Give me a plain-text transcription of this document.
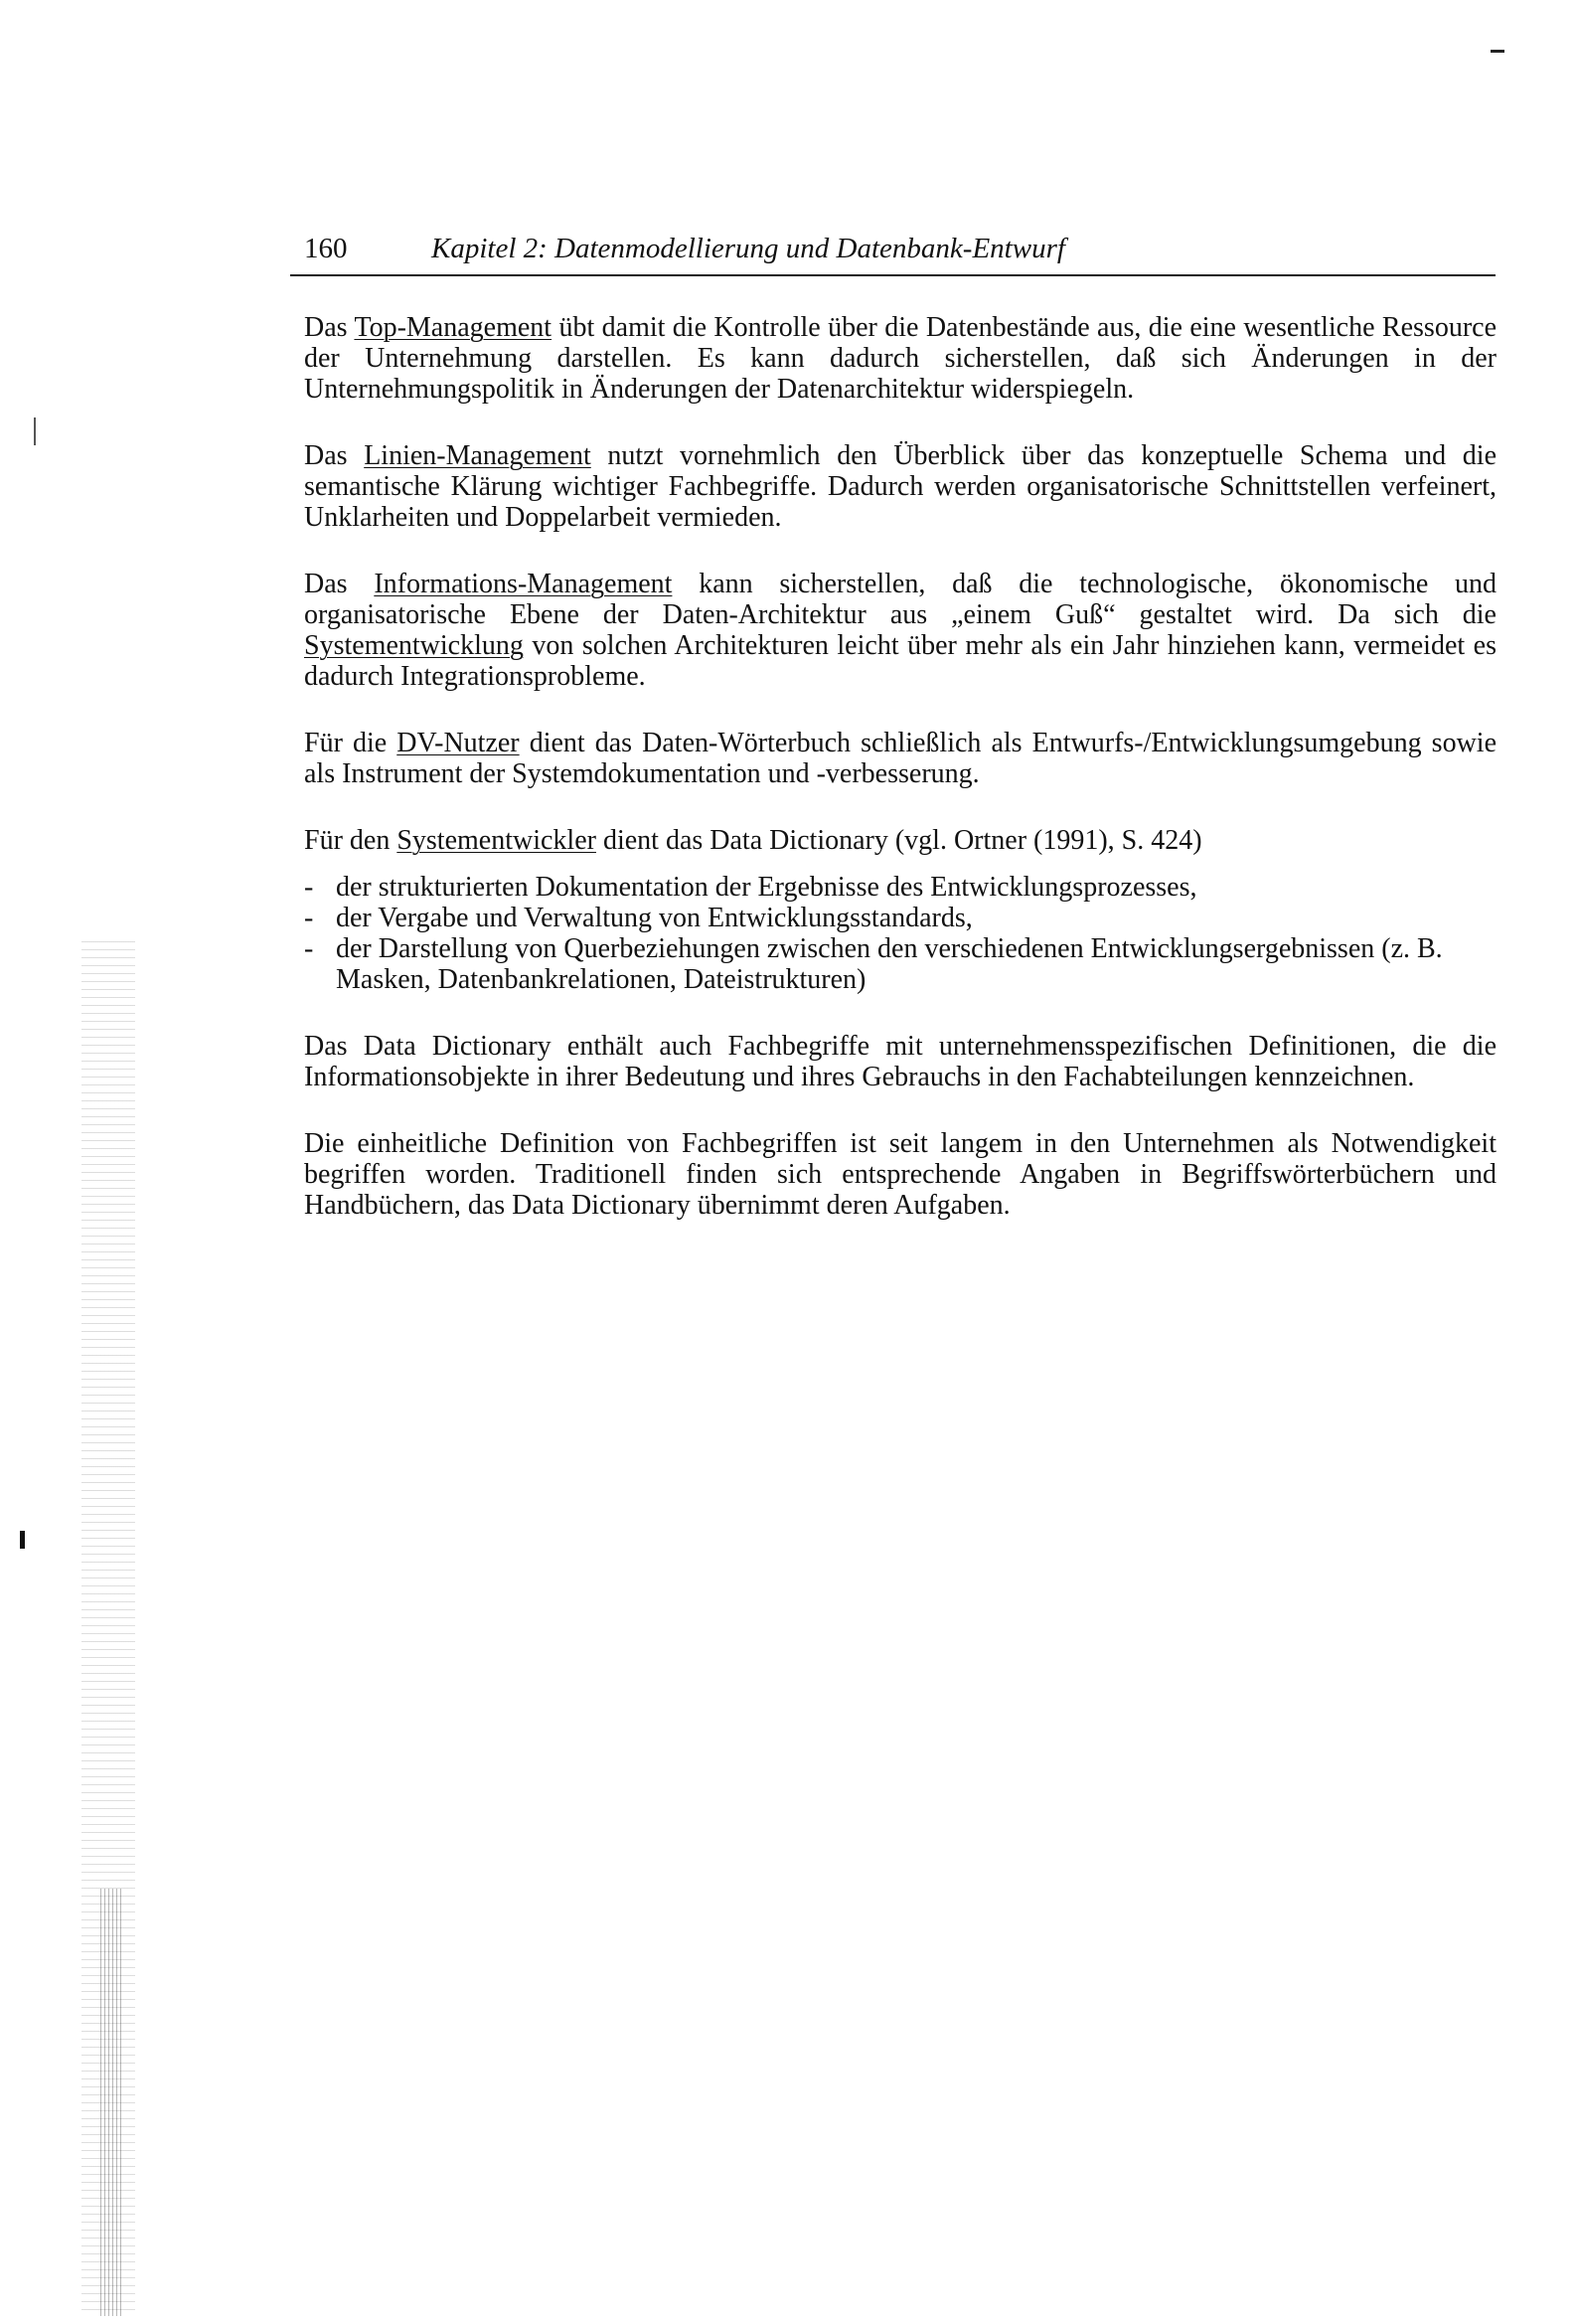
160	Kapitel 2: Datenmodellierung und Datenbank-Entwurf

Das Top-Management übt damit die Kontrolle über die Datenbestände aus, die eine wesentliche Ressource der Unternehmung darstellen. Es kann dadurch sicherstellen, daß sich Änderungen in der Unternehmungspolitik in Änderungen der Datenarchitektur widerspiegeln.

Das Linien-Management nutzt vornehmlich den Überblick über das konzeptuelle Schema und die semantische Klärung wichtiger Fachbegriffe. Dadurch werden organisatorische Schnittstellen verfeinert, Unklarheiten und Doppelarbeit vermieden.

Das Informations-Management kann sicherstellen, daß die technologische, ökonomische und organisatorische Ebene der Daten-Architektur aus „einem Guß“ gestaltet wird. Da sich die Systementwicklung von solchen Architekturen leicht über mehr als ein Jahr hinziehen kann, vermeidet es dadurch Integrationsprobleme.

Für die DV-Nutzer dient das Daten-Wörterbuch schließlich als Entwurfs-/Entwicklungsumgebung sowie als Instrument der Systemdokumentation und -verbesserung.

Für den Systementwickler dient das Data Dictionary (vgl. Ortner (1991), S. 424)

- der strukturierten Dokumentation der Ergebnisse des Entwicklungsprozesses,
- der Vergabe und Verwaltung von Entwicklungsstandards,
- der Darstellung von Querbeziehungen zwischen den verschiedenen Entwicklungsergebnissen (z. B. Masken, Datenbankrelationen, Dateistrukturen)

Das Data Dictionary enthält auch Fachbegriffe mit unternehmensspezifischen Definitionen, die die Informationsobjekte in ihrer Bedeutung und ihres Gebrauchs in den Fachabteilungen kennzeichnen.

Die einheitliche Definition von Fachbegriffen ist seit langem in den Unternehmen als Notwendigkeit begriffen worden. Traditionell finden sich entsprechende Angaben in Begriffswörterbüchern und Handbüchern, das Data Dictionary übernimmt deren Aufgaben.
